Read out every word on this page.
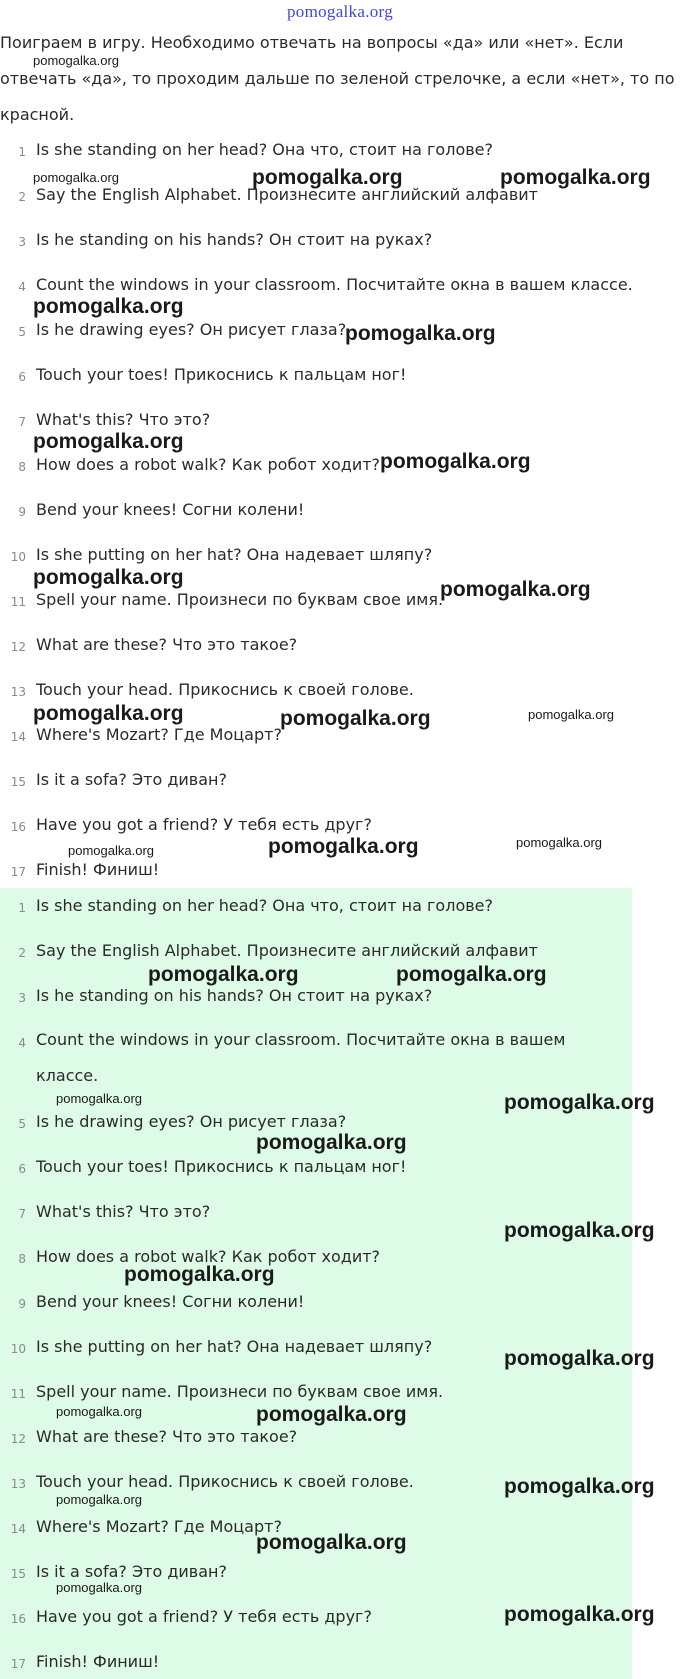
pomogalka.org
Поиграем в игру. Необходимо отвечать на вопросы «да» или «нет». Если
отвечать «да», то проходим дальше по зеленой стрелочке, а если «нет», то по
красной.
1 Is she standing on her head? Она что, стоит на голове?
2 Say the English Alphabet. Произнесите английский алфавит
3 Is he standing on his hands? Он стоит на руках?
4 Count the windows in your classroom. Посчитайте окна в вашем классе.
5 Is he drawing eyes? Он рисует глаза?
6 Touch your toes! Прикоснись к пальцам ног!
7 What's this? Что это?
8 How does a robot walk? Как робот ходит?
9 Bend your knees! Согни колени!
10 Is she putting on her hat? Она надевает шляпу?
11 Spell your name. Произнеси по буквам свое имя.
12 What are these? Что это такое?
13 Touch your head. Прикоснись к своей голове.
14 Where's Mozart? Где Моцарт?
15 Is it a sofa? Это диван?
16 Have you got a friend? У тебя есть друг?
17 Finish! Финиш!
1 Is she standing on her head? Она что, стоит на голове?
2 Say the English Alphabet. Произнесите английский алфавит
3 Is he standing on his hands? Он стоит на руках?
4 Count the windows in your classroom. Посчитайте окна в вашем классе.
5 Is he drawing eyes? Он рисует глаза?
6 Touch your toes! Прикоснись к пальцам ног!
7 What's this? Что это?
8 How does a robot walk? Как робот ходит?
9 Bend your knees! Согни колени!
10 Is she putting on her hat? Она надевает шляпу?
11 Spell your name. Произнеси по буквам свое имя.
12 What are these? Что это такое?
13 Touch your head. Прикоснись к своей голове.
14 Where's Mozart? Где Моцарт?
15 Is it a sofa? Это диван?
16 Have you got a friend? У тебя есть друг?
17 Finish! Финиш!
pomogalka.org
pomogalka.org	pomogalka.org	pomogalka.org
pomogalka.org
pomogalka.org
pomogalka.org
pomogalka.org
pomogalka.org
pomogalka.org
pomogalka.org	pomogalka.org	pomogalka.org
pomogalka.org	pomogalka.org	pomogalka.org
pomogalka.org	pomogalka.org
pomogalka.org	pomogalka.org
pomogalka.org
pomogalka.org
pomogalka.org
pomogalka.org
pomogalka.org	pomogalka.org
pomogalka.org
pomogalka.org
pomogalka.org
pomogalka.org
pomogalka.org
